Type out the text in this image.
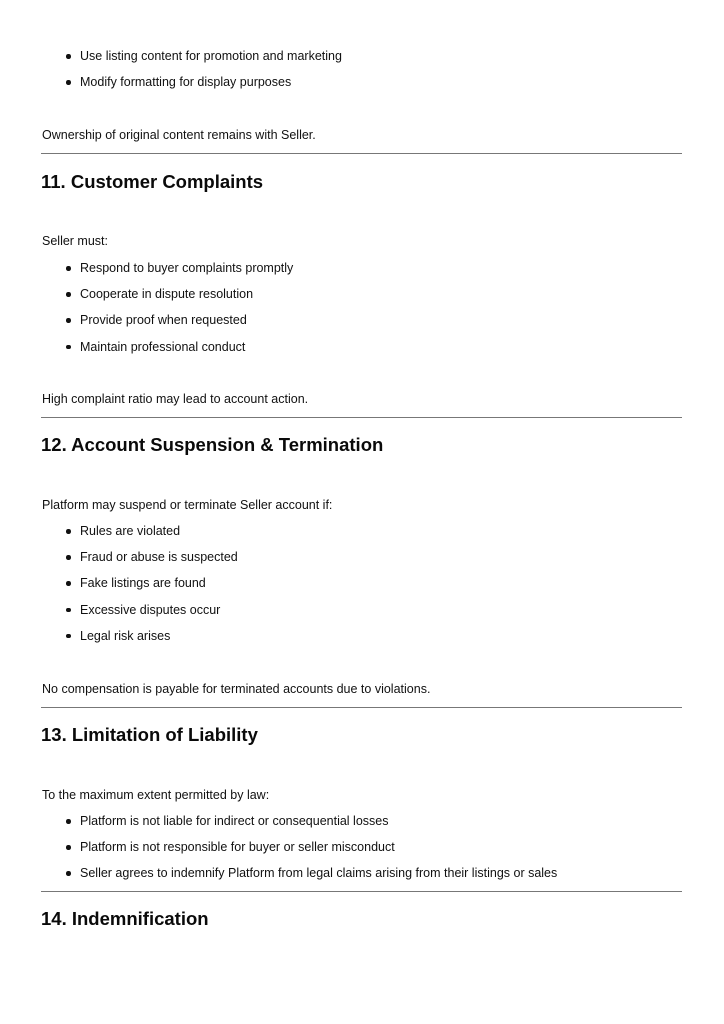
Use listing content for promotion and marketing
Modify formatting for display purposes
Ownership of original content remains with Seller.
11. Customer Complaints
Seller must:
Respond to buyer complaints promptly
Cooperate in dispute resolution
Provide proof when requested
Maintain professional conduct
High complaint ratio may lead to account action.
12. Account Suspension & Termination
Platform may suspend or terminate Seller account if:
Rules are violated
Fraud or abuse is suspected
Fake listings are found
Excessive disputes occur
Legal risk arises
No compensation is payable for terminated accounts due to violations.
13. Limitation of Liability
To the maximum extent permitted by law:
Platform is not liable for indirect or consequential losses
Platform is not responsible for buyer or seller misconduct
Seller agrees to indemnify Platform from legal claims arising from their listings or sales
14. Indemnification
